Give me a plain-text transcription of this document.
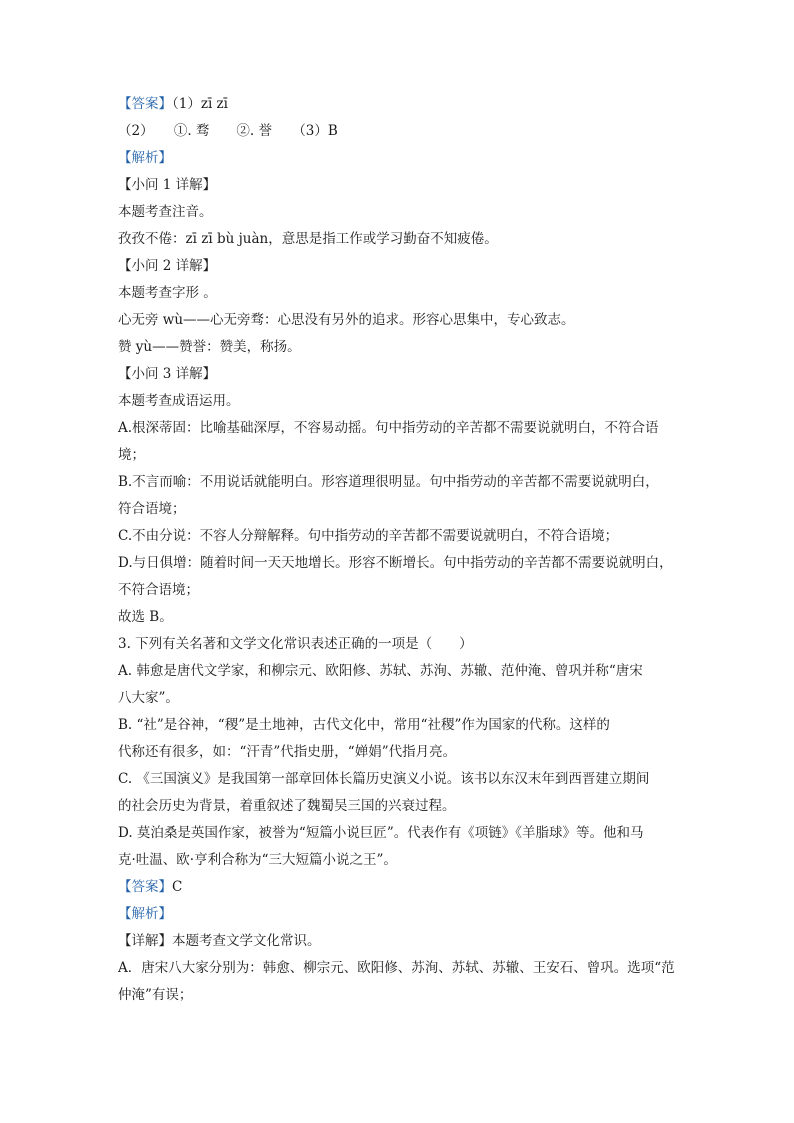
【答案】（1）zī zī
（2）　　①. 骛　　②. 誉　　（3）B
【解析】
【小问 1 详解】
本题考查注音。
孜孜不倦：zī zī bù juàn，意思是指工作或学习勤奋不知疲倦。
【小问 2 详解】
本题考查字形 。
心无旁 wù——心无旁骛：心思没有另外的追求。形容心思集中，专心致志。
赞 yù——赞誉：赞美，称扬。
【小问 3 详解】
本题考查成语运用。
A.根深蒂固：比喻基础深厚，不容易动摇。句中指劳动的辛苦都不需要说就明白，不符合语
境；
B.不言而喻：不用说话就能明白。形容道理很明显。句中指劳动的辛苦都不需要说就明白，
符合语境；
C.不由分说：不容人分辩解释。句中指劳动的辛苦都不需要说就明白，不符合语境；
D.与日俱增：随着时间一天天地增长。形容不断增长。句中指劳动的辛苦都不需要说就明白，
不符合语境；
故选 B。
3. 下列有关名著和文学文化常识表述正确的一项是（　　）
A. 韩愈是唐代文学家，和柳宗元、欧阳修、苏轼、苏洵、苏辙、范仲淹、曾巩并称“唐宋
八大家”。
B. “社”是谷神，“稷”是土地神，古代文化中，常用“社稷”作为国家的代称。这样的
代称还有很多，如：“汗青”代指史册，“婵娟”代指月亮。
C. 《三国演义》是我国第一部章回体长篇历史演义小说。该书以东汉末年到西晋建立期间
的社会历史为背景，着重叙述了魏蜀吴三国的兴衰过程。
D. 莫泊桑是英国作家，被誉为“短篇小说巨匠”。代表作有《项链》《羊脂球》等。他和马
克·吐温、欧·亨利合称为“三大短篇小说之王”。
【答案】C
【解析】
【详解】本题考查文学文化常识。
A．唐宋八大家分别为：韩愈、柳宗元、欧阳修、苏洵、苏轼、苏辙、王安石、曾巩。选项“范
仲淹”有误；
